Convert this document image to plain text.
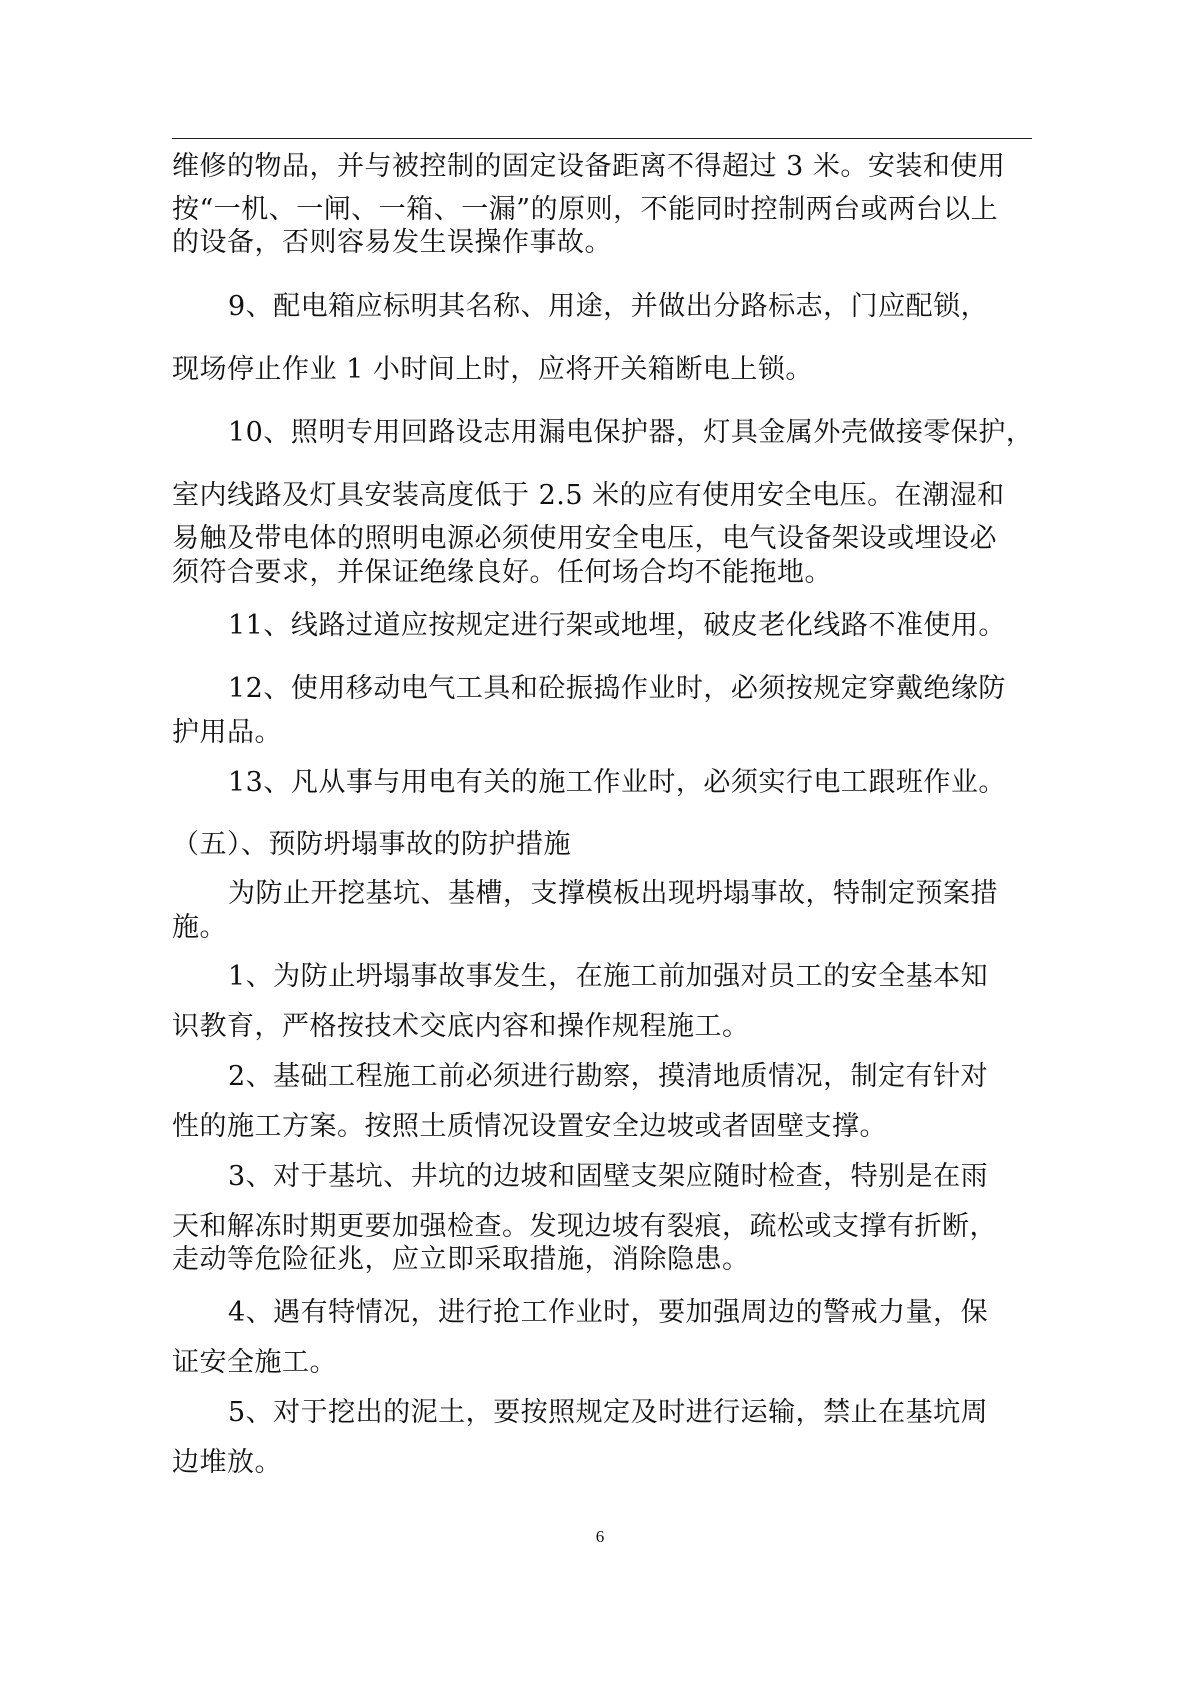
维修的物品，并与被控制的固定设备距离不得超过 3 米。安装和使用
按“一机、一闸、一箱、一漏”的原则，不能同时控制两台或两台以上
的设备，否则容易发生误操作事故。
9、配电箱应标明其名称、用途，并做出分路标志，门应配锁，
现场停止作业 1 小时间上时，应将开关箱断电上锁。
10、照明专用回路设志用漏电保护器，灯具金属外壳做接零保护，
室内线路及灯具安装高度低于 2.5 米的应有使用安全电压。在潮湿和
易触及带电体的照明电源必须使用安全电压，电气设备架设或埋设必
须符合要求，并保证绝缘良好。任何场合均不能拖地。
11、线路过道应按规定进行架或地埋，破皮老化线路不准使用。
12、使用移动电气工具和砼振捣作业时，必须按规定穿戴绝缘防
护用品。
13、凡从事与用电有关的施工作业时，必须实行电工跟班作业。
（五）、预防坍塌事故的防护措施
为防止开挖基坑、基槽，支撑模板出现坍塌事故，特制定预案措
施。
1、为防止坍塌事故事发生，在施工前加强对员工的安全基本知
识教育，严格按技术交底内容和操作规程施工。
2、基础工程施工前必须进行勘察，摸清地质情况，制定有针对
性的施工方案。按照土质情况设置安全边坡或者固壁支撑。
3、对于基坑、井坑的边坡和固壁支架应随时检查，特别是在雨
天和解冻时期更要加强检查。发现边坡有裂痕，疏松或支撑有折断，
走动等危险征兆，应立即采取措施，消除隐患。
4、遇有特情况，进行抢工作业时，要加强周边的警戒力量，保
证安全施工。
5、对于挖出的泥土，要按照规定及时进行运输，禁止在基坑周
边堆放。
6
